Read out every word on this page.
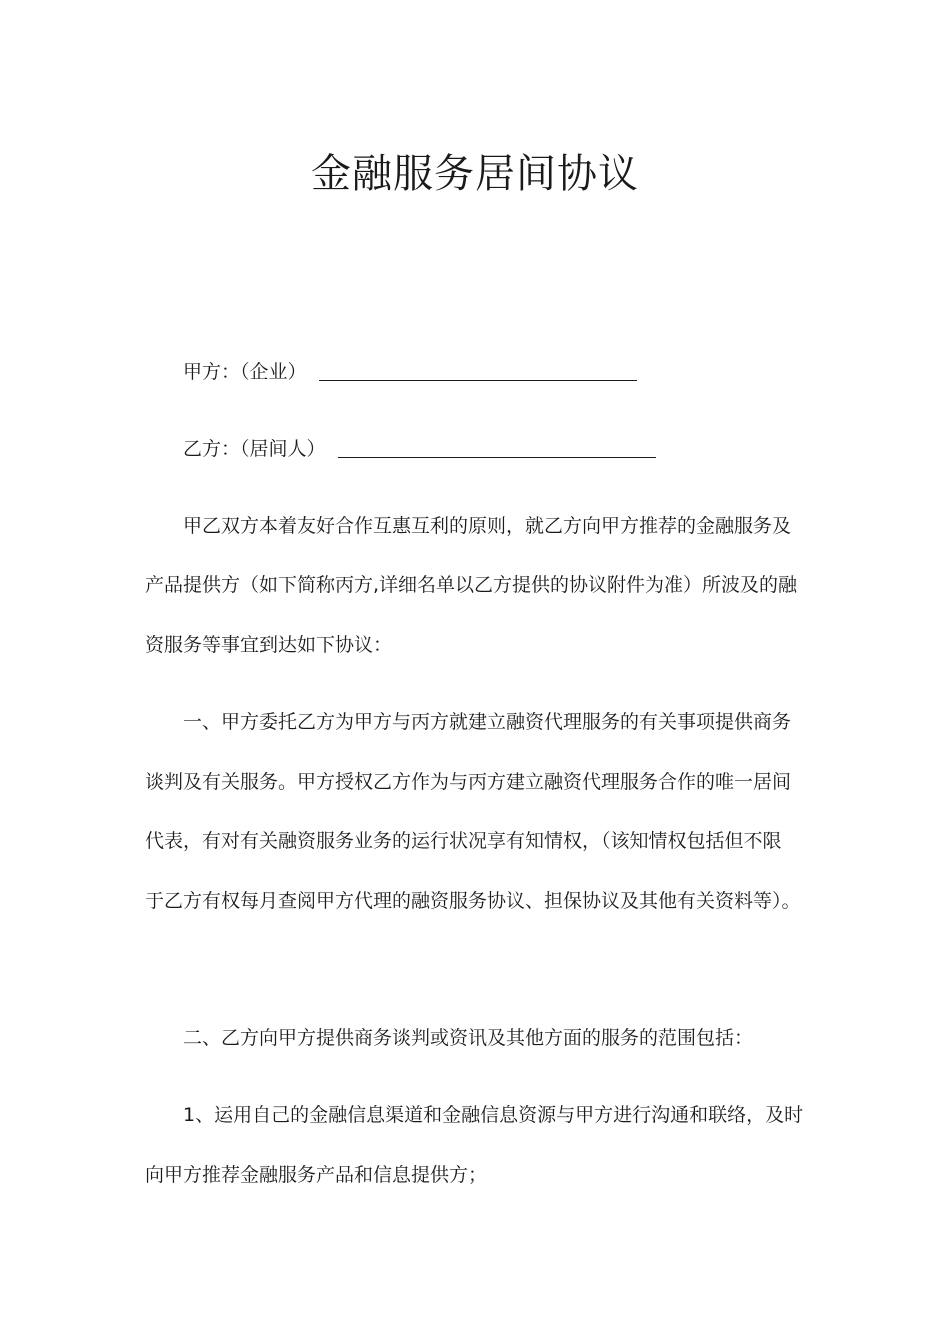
金融服务居间协议

甲方：（企业）

乙方：（居间人）

甲乙双方本着友好合作互惠互利的原则，就乙方向甲方推荐的金融服务及

产品提供方（如下简称丙方,详细名单以乙方提供的协议附件为准）所波及的融

资服务等事宜到达如下协议：

一、甲方委托乙方为甲方与丙方就建立融资代理服务的有关事项提供商务

谈判及有关服务。甲方授权乙方作为与丙方建立融资代理服务合作的唯一居间

代表，有对有关融资服务业务的运行状况享有知情权，（该知情权包括但不限

于乙方有权每月查阅甲方代理的融资服务协议、担保协议及其他有关资料等）。

二、乙方向甲方提供商务谈判或资讯及其他方面的服务的范围包括：

1、运用自己的金融信息渠道和金融信息资源与甲方进行沟通和联络，及时

向甲方推荐金融服务产品和信息提供方；
